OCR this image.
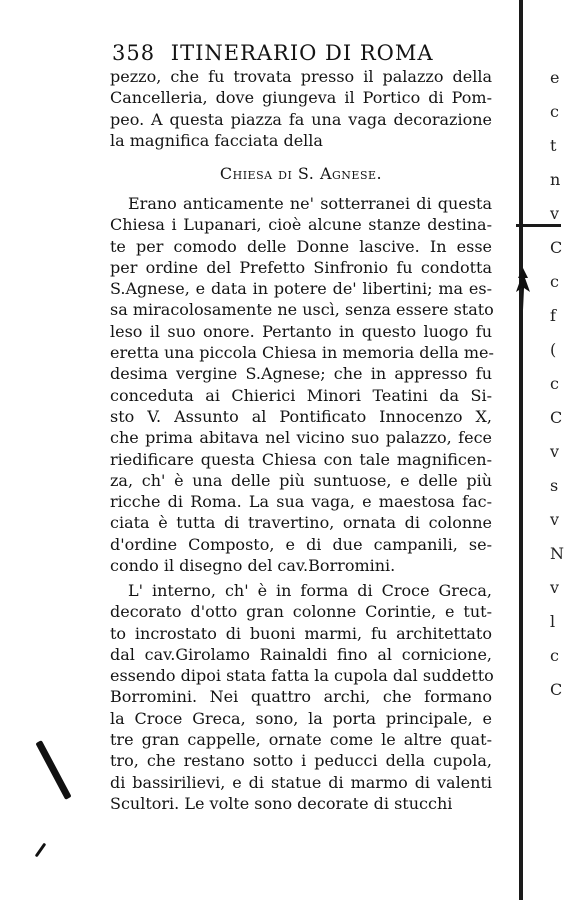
358 ITINERARIO DI ROMA
pezzo, che fu trovata presso il palazzo della
Cancelleria, dove giungeva il Portico di Pom-
peo. A questa piazza fa una vaga decorazione
la magnifica facciata della
Chiesa di S. Agnese.
Erano anticamente ne' sotterranei di questa
Chiesa i Lupanari, cioè alcune stanze destina-
te per comodo delle Donne lascive. In esse
per ordine del Prefetto Sinfronio fu condotta
S.Agnese, e data in potere de' libertini; ma es-
sa miracolosamente ne uscì, senza essere stato
leso il suo onore. Pertanto in questo luogo fu
eretta una piccola Chiesa in memoria della me-
desima vergine S.Agnese; che in appresso fu
conceduta ai Chierici Minori Teatini da Si-
sto V. Assunto al Pontificato Innocenzo X,
che prima abitava nel vicino suo palazzo, fece
riedificare questa Chiesa con tale magnificen-
za, ch' è una delle più suntuose, e delle più
ricche di Roma. La sua vaga, e maestosa fac-
ciata è tutta di travertino, ornata di colonne
d'ordine Composto, e di due campanili, se-
condo il disegno del cav.Borromini.
L' interno, ch' è in forma di Croce Greca,
decorato d'otto gran colonne Corintie, e tut-
to incrostato di buoni marmi, fu architettato
dal cav.Girolamo Rainaldi fino al cornicione,
essendo dipoi stata fatta la cupola dal suddetto
Borromini. Nei quattro archi, che formano
la Croce Greca, sono, la porta principale, e
tre gran cappelle, ornate come le altre quat-
tro, che restano sotto i peducci della cupola,
di bassirilievi, e di statue di marmo di valenti
Scultori. Le volte sono decorate di stucchi
e
c
t
n
v
C
c
f
(
c
C
v
s
v
N
v
l
c
C
